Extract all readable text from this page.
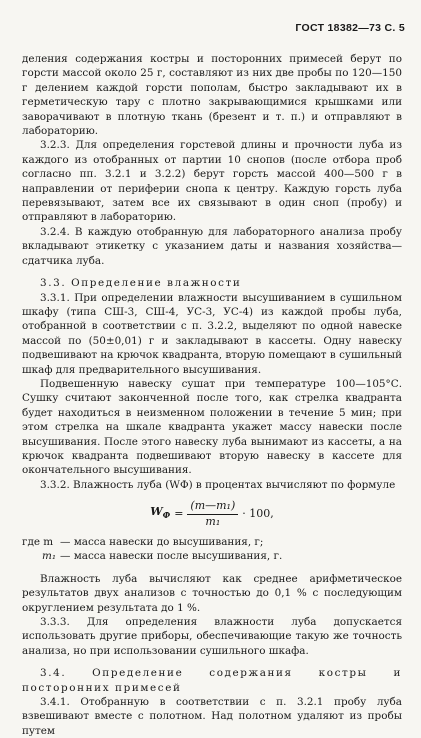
ГОСТ 18382—73 С. 5

деления содержания костры и посторонних примесей берут по горсти массой около 25 г, составляют из них две пробы по 120—150 г делением каждой горсти пополам, быстро закладывают их в герметическую тару с плотно закрывающимися крышками или заворачивают в плотную ткань (брезент и т. п.) и отправляют в лабораторию.

3.2.3. Для определения горстевой длины и прочности луба из каждого из отобранных от партии 10 снопов (после отбора проб согласно пп. 3.2.1 и 3.2.2) берут горсть массой 400—500 г в направлении от периферии снопа к центру. Каждую горсть луба перевязывают, затем все их связывают в один сноп (пробу) и отправляют в лабораторию.

3.2.4. В каждую отобранную для лабораторного анализа пробу вкладывают этикетку с указанием даты и названия хозяйства—сдатчика луба.

3.3. Определение влажности

3.3.1. При определении влажности высушиванием в сушильном шкафу (типа СШ-3, СШ-4, УС-3, УС-4) из каждой пробы луба, отобранной в соответствии с п. 3.2.2, выделяют по одной навеске массой по (50±0,01) г и закладывают в кассеты. Одну навеску подвешивают на крючок квадранта, вторую помещают в сушильный шкаф для предварительного высушивания.

Подвешенную навеску сушат при температуре 100—105°С. Сушку считают законченной после того, как стрелка квадранта будет находиться в неизменном положении в течение 5 мин; при этом стрелка на шкале квадранта укажет массу навески после высушивания. После этого навеску луба вынимают из кассеты, а на крючок квадранта подвешивают вторую навеску в кассете для окончательного высушивания.

3.3.2. Влажность луба (WФ) в процентах вычисляют по формуле

$W_Ф = \frac{\text{(m—m₁)}}{\text{m₁}} \cdot 100$,
где m — масса навески до высушивания, г;
m₁ — масса навески после высушивания, г.

Влажность луба вычисляют как среднее арифметическое результатов двух анализов с точностью до 0,1 % с последующим округлением результата до 1 %.

3.3.3. Для определения влажности луба допускается использовать другие приборы, обеспечивающие такую же точность анализа, но при использовании сушильного шкафа.

3.4. Определение содержания костры и посторонних примесей

3.4.1. Отобранную в соответствии с п. 3.2.1 пробу луба взвешивают вместе с полотном. Над полотном удаляют из пробы путем
